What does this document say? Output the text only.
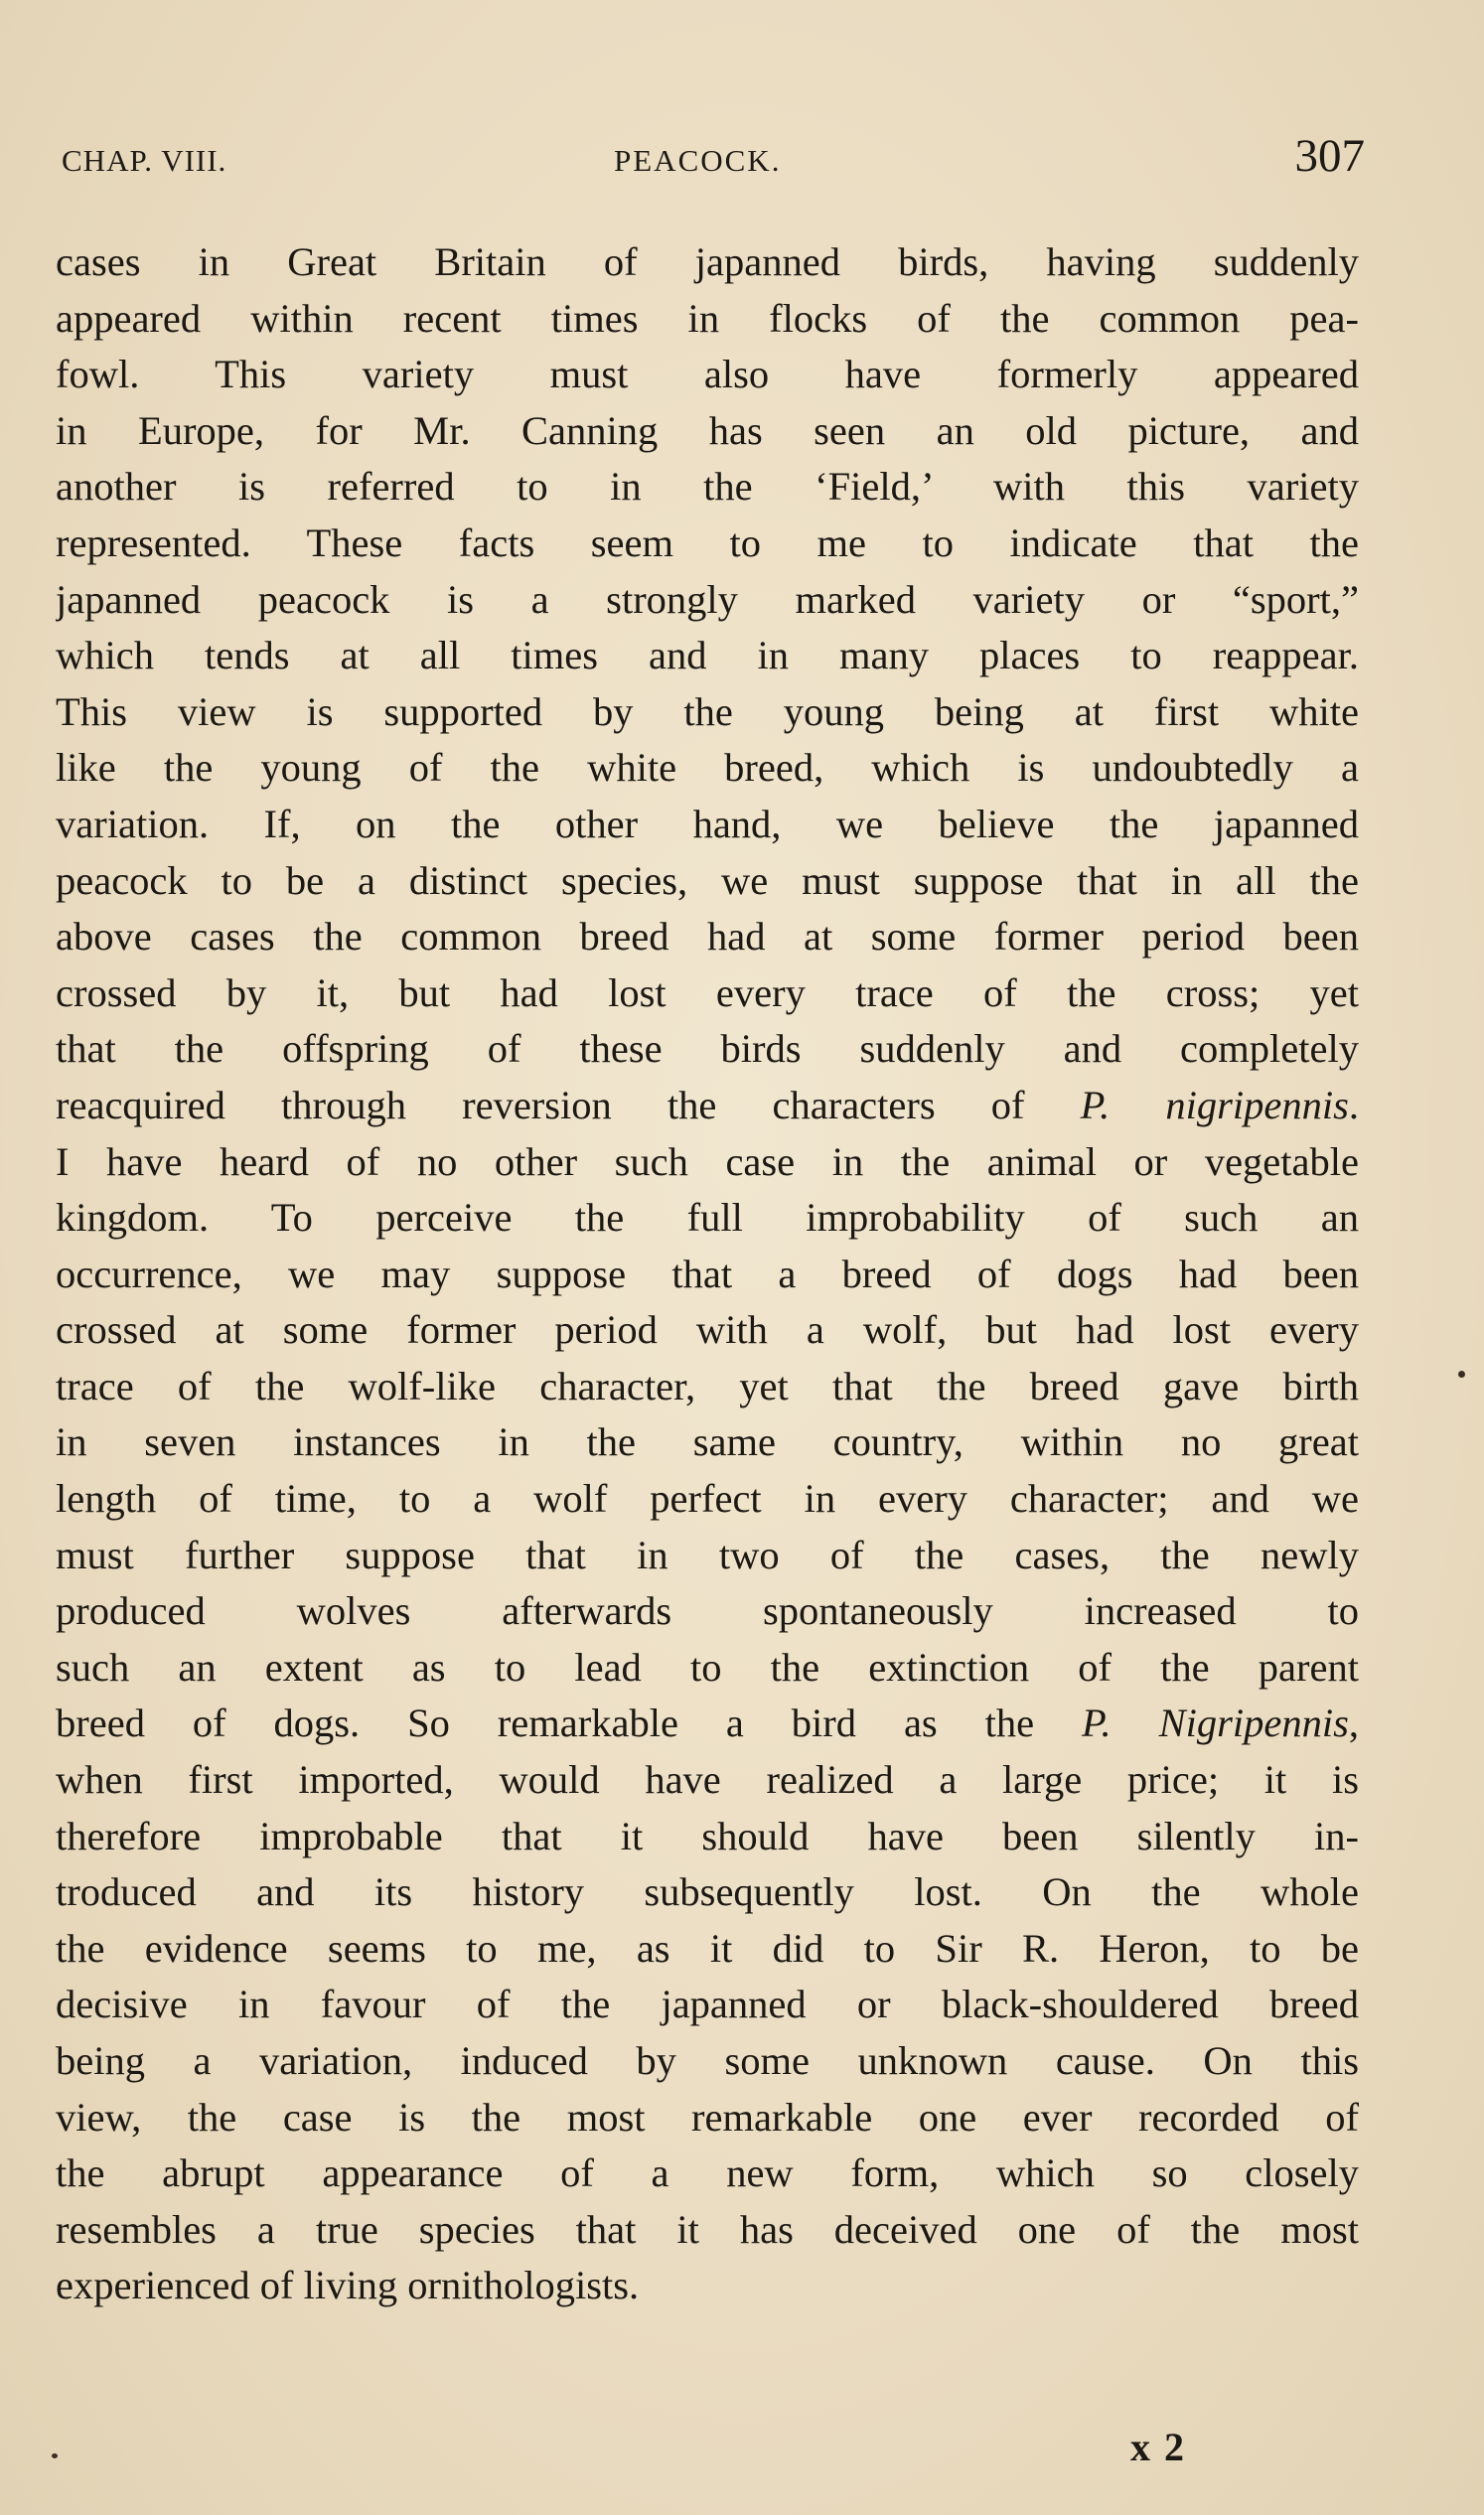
CHAP. VIII.	PEACOCK.	307
cases in Great Britain of japanned birds, having suddenly
appeared within recent times in flocks of the common pea-
fowl. This variety must also have formerly appeared
in Europe, for Mr. Canning has seen an old picture, and
another is referred to in the ‘Field,’ with this variety
represented. These facts seem to me to indicate that the
japanned peacock is a strongly marked variety or “sport,”
which tends at all times and in many places to reappear.
This view is supported by the young being at first white
like the young of the white breed, which is undoubtedly a
variation. If, on the other hand, we believe the japanned
peacock to be a distinct species, we must suppose that in all the
above cases the common breed had at some former period been
crossed by it, but had lost every trace of the cross; yet
that the offspring of these birds suddenly and completely
reacquired through reversion the characters of P. nigripennis.
I have heard of no other such case in the animal or vegetable
kingdom. To perceive the full improbability of such an
occurrence, we may suppose that a breed of dogs had been
crossed at some former period with a wolf, but had lost every
trace of the wolf-like character, yet that the breed gave birth
in seven instances in the same country, within no great
length of time, to a wolf perfect in every character; and we
must further suppose that in two of the cases, the newly
produced wolves afterwards spontaneously increased to
such an extent as to lead to the extinction of the parent
breed of dogs. So remarkable a bird as the P. Nigripennis,
when first imported, would have realized a large price; it is
therefore improbable that it should have been silently in-
troduced and its history subsequently lost. On the whole
the evidence seems to me, as it did to Sir R. Heron, to be
decisive in favour of the japanned or black-shouldered breed
being a variation, induced by some unknown cause. On this
view, the case is the most remarkable one ever recorded of
the abrupt appearance of a new form, which so closely
resembles a true species that it has deceived one of the most
experienced of living ornithologists.
x 2
